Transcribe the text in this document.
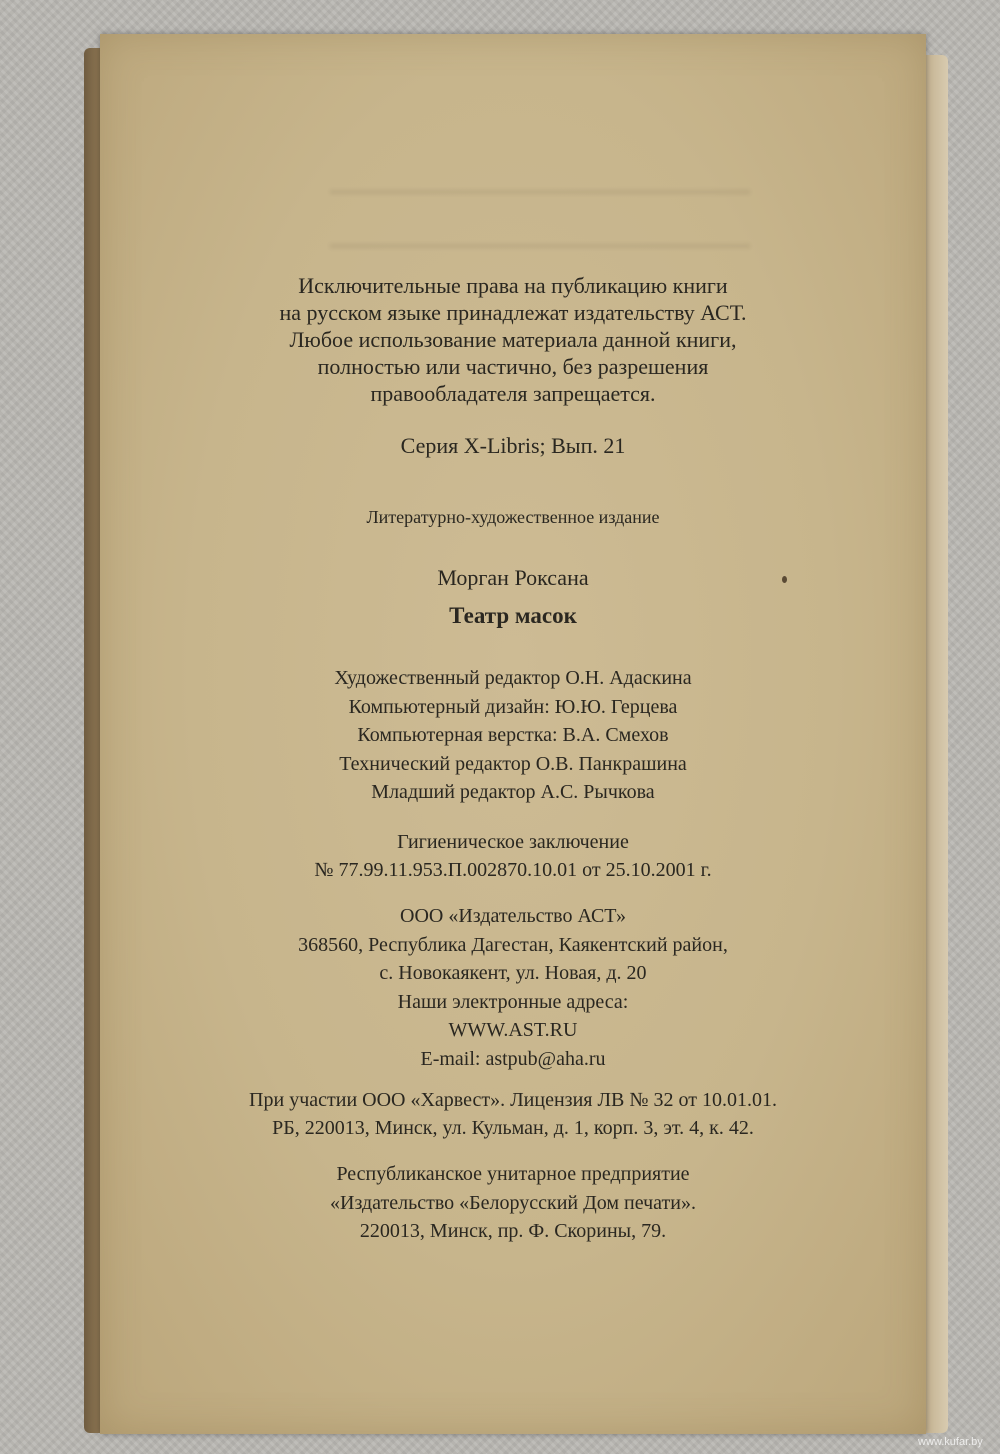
Исключительные права на публикацию книги
на русском языке принадлежат издательству АСТ.
Любое использование материала данной книги,
полностью или частично, без разрешения
правообладателя запрещается.
Серия X-Libris; Вып. 21
Литературно-художественное издание
Морган Роксана
Театр масок
Художественный редактор О.Н. Адаскина
Компьютерный дизайн: Ю.Ю. Герцева
Компьютерная верстка: В.А. Смехов
Технический редактор О.В. Панкрашина
Младший редактор А.С. Рычкова
Гигиеническое заключение
№ 77.99.11.953.П.002870.10.01 от 25.10.2001 г.
ООО «Издательство АСТ»
368560, Республика Дагестан, Каякентский район,
с. Новокаякент, ул. Новая, д. 20
Наши электронные адреса:
WWW.AST.RU
E-mail: astpub@aha.ru
При участии ООО «Харвест». Лицензия ЛВ № 32 от 10.01.01.
РБ, 220013, Минск, ул. Кульман, д. 1, корп. 3, эт. 4, к. 42.
Республиканское унитарное предприятие
«Издательство «Белорусский Дом печати».
220013, Минск, пр. Ф. Скорины, 79.
www.kufar.by
